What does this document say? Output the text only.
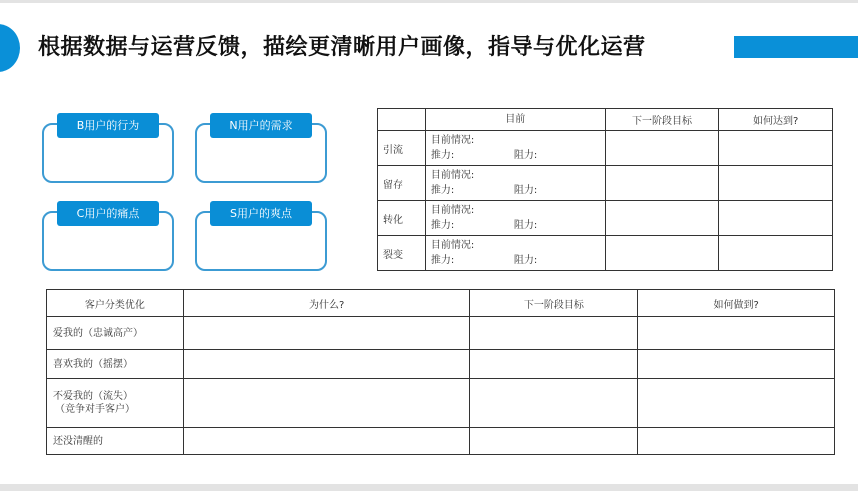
根据数据与运营反馈，描绘更清晰用户画像，指导与优化运营
B用户的行为	N用户的需求
C用户的痛点	S用户的爽点
	目前	下一阶段目标	如何达到?
引流	目前情况:
推力: 阻力:		

留存	目前情况:
推力: 阻力:		

转化	目前情况:
推力: 阻力:		

裂变	目前情况:
推力: 阻力:		

客户分类优化	为什么?	下一阶段目标	如何做到?
爱我的（忠诚高产）			
喜欢我的（摇摆）			
不爱我的（流失）
（竞争对手客户）			

还没清醒的			
